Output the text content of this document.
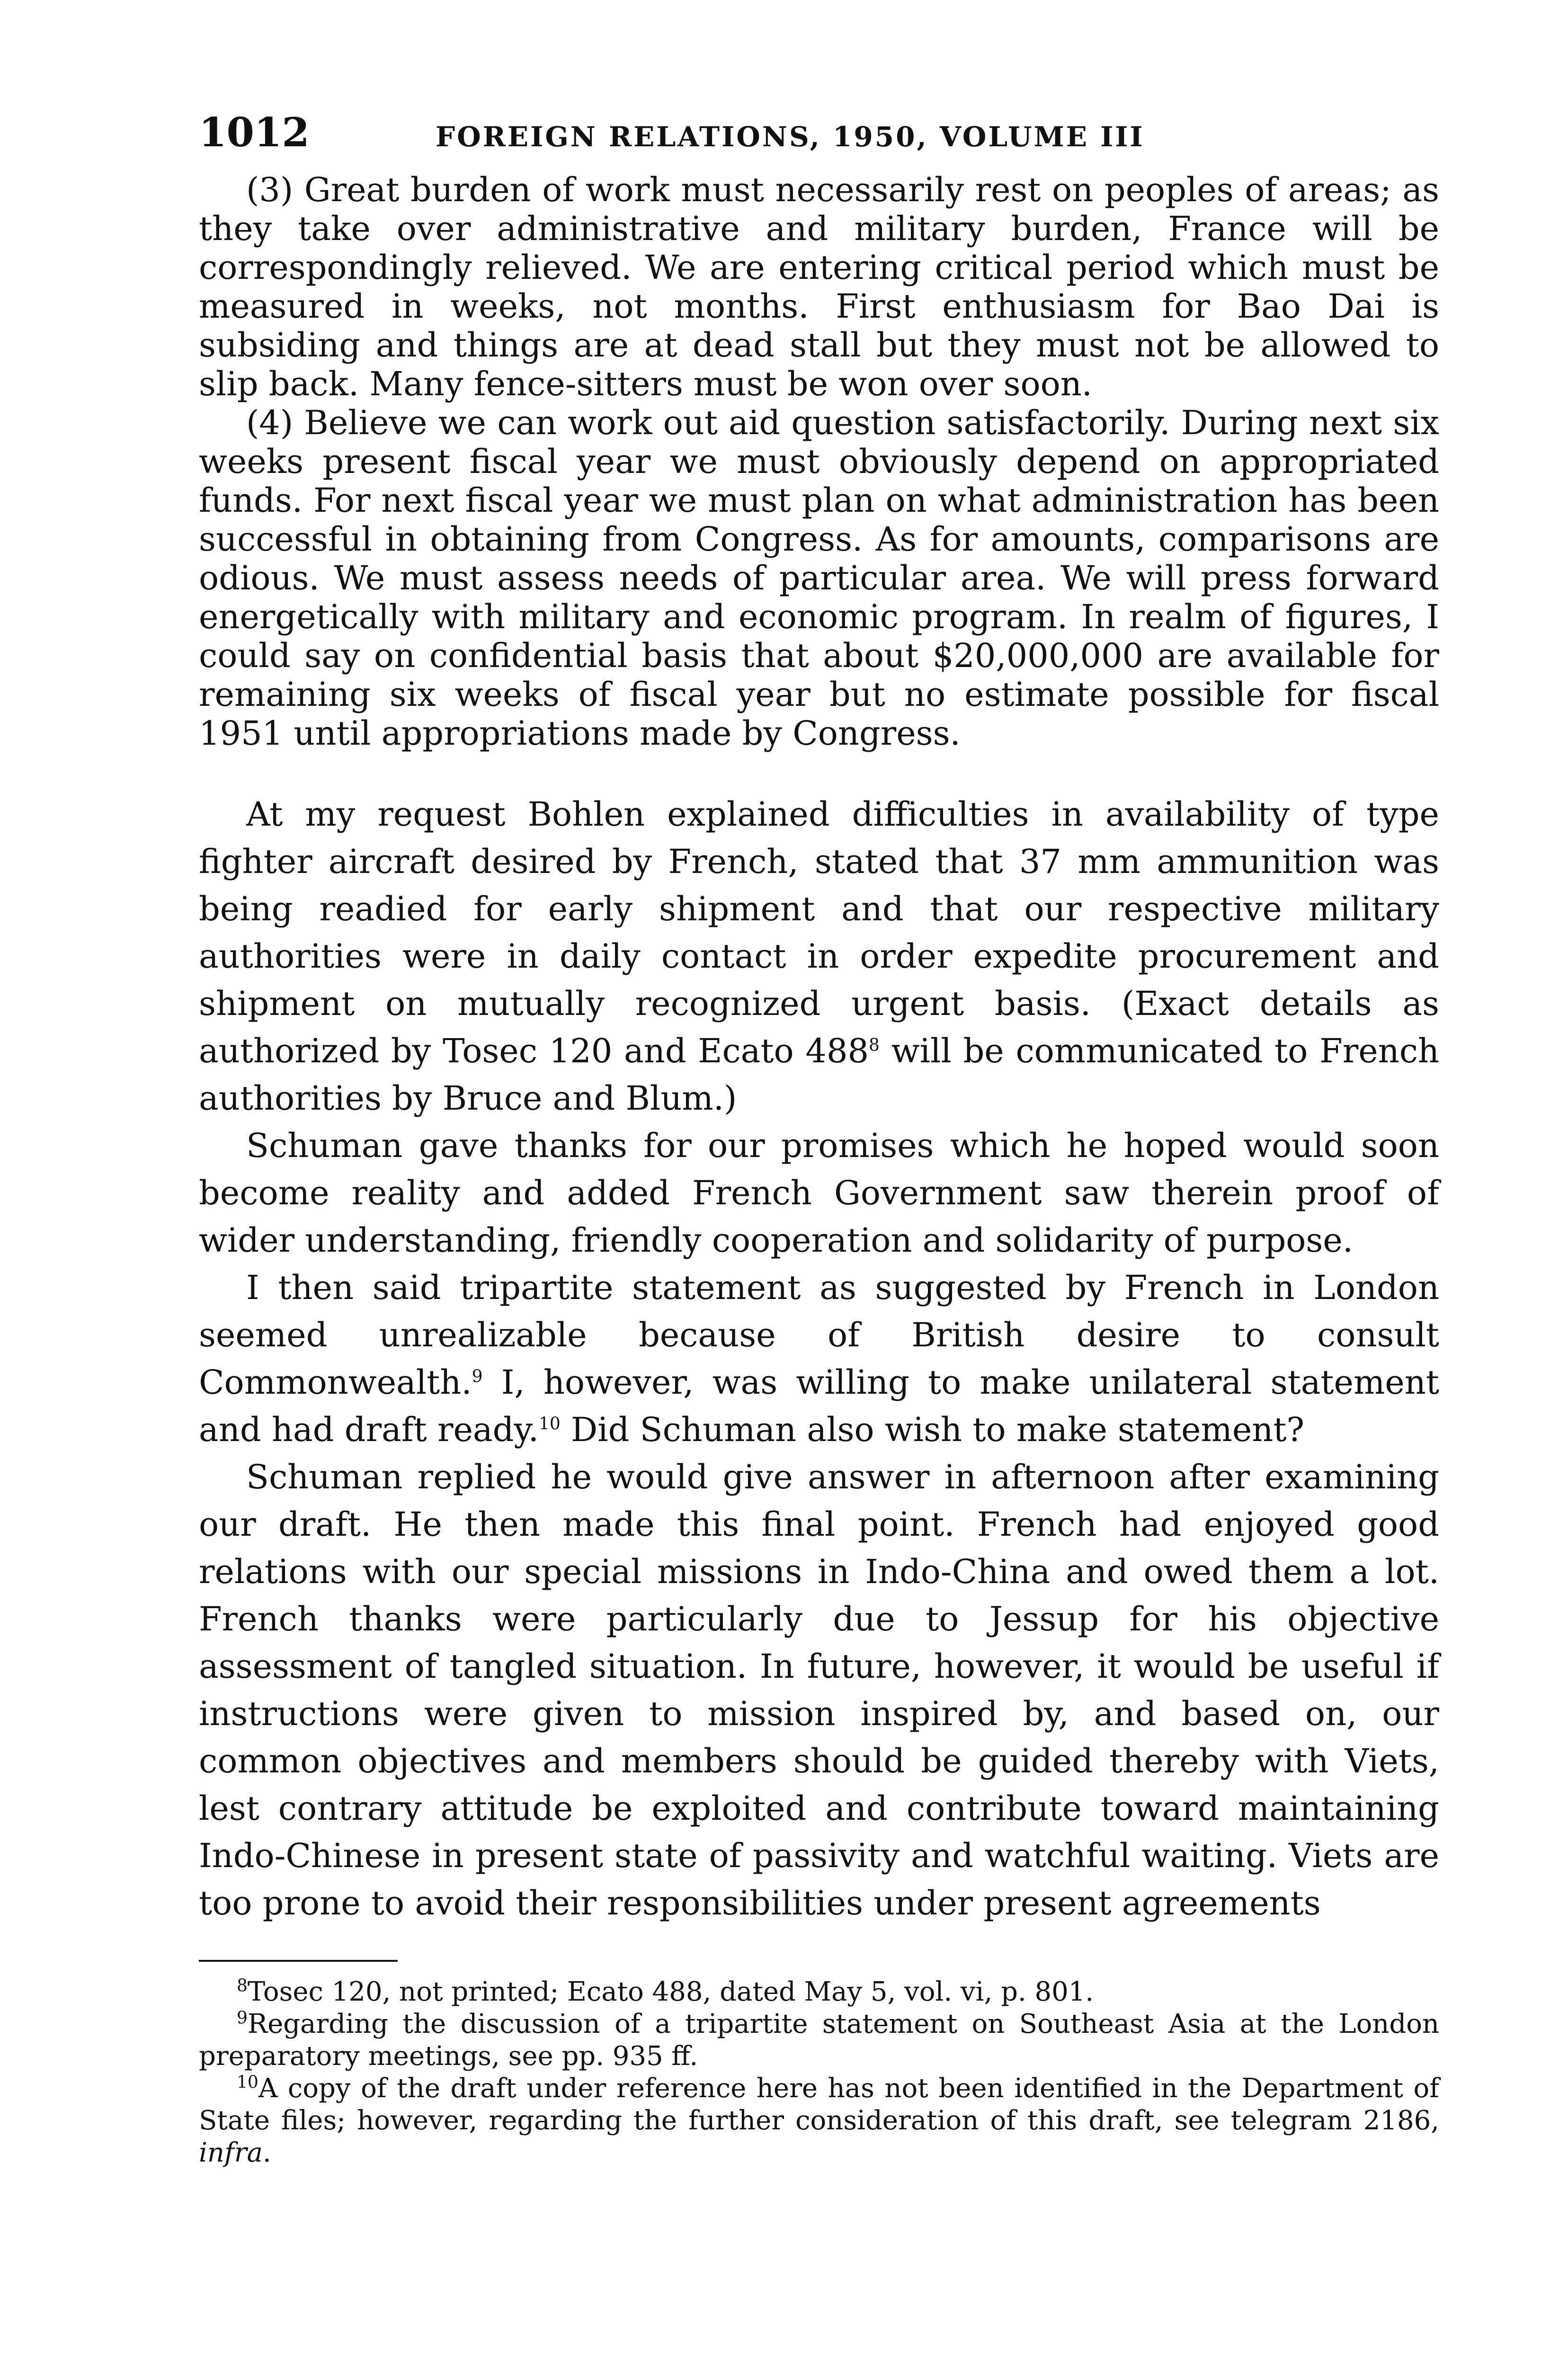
1012	FOREIGN RELATIONS, 1950, VOLUME III

(3) Great burden of work must necessarily rest on peoples of areas; as they take over administrative and military burden, France will be correspondingly relieved. We are entering critical period which must be measured in weeks, not months. First enthusiasm for Bao Dai is subsiding and things are at dead stall but they must not be allowed to slip back. Many fence-sitters must be won over soon.

(4) Believe we can work out aid question satisfactorily. During next six weeks present fiscal year we must obviously depend on appropriated funds. For next fiscal year we must plan on what administration has been successful in obtaining from Congress. As for amounts, comparisons are odious. We must assess needs of particular area. We will press forward energetically with military and economic program. In realm of figures, I could say on confidential basis that about $20,000,000 are available for remaining six weeks of fiscal year but no estimate possible for fiscal 1951 until appropriations made by Congress.

At my request Bohlen explained difficulties in availability of type fighter aircraft desired by French, stated that 37 mm ammunition was being readied for early shipment and that our respective military authorities were in daily contact in order expedite procurement and shipment on mutually recognized urgent basis. (Exact details as authorized by Tosec 120 and Ecato $488^8$ will be communicated to French authorities by Bruce and Blum.)

Schuman gave thanks for our promises which he hoped would soon become reality and added French Government saw therein proof of wider understanding, friendly cooperation and solidarity of purpose.

I then said tripartite statement as suggested by French in London seemed unrealizable because of British desire to consult Commonwealth.$^9$ I, however, was willing to make unilateral statement and had draft ready.$^{10}$ Did Schuman also wish to make statement?

Schuman replied he would give answer in afternoon after examining our draft. He then made this final point. French had enjoyed good relations with our special missions in Indo-China and owed them a lot. French thanks were particularly due to Jessup for his objective assessment of tangled situation. In future, however, it would be useful if instructions were given to mission inspired by, and based on, our common objectives and members should be guided thereby with Viets, lest contrary attitude be exploited and contribute toward maintaining Indo-Chinese in present state of passivity and watchful waiting. Viets are too prone to avoid their responsibilities under present agreements

$^8$Tosec 120, not printed; Ecato 488, dated May 5, vol. vi, p. 801.

$^9$Regarding the discussion of a tripartite statement on Southeast Asia at the London preparatory meetings, see pp. 935 ff.

$^{10}$A copy of the draft under reference here has not been identified in the Department of State files; however, regarding the further consideration of this draft, see telegram 2186, infra.
